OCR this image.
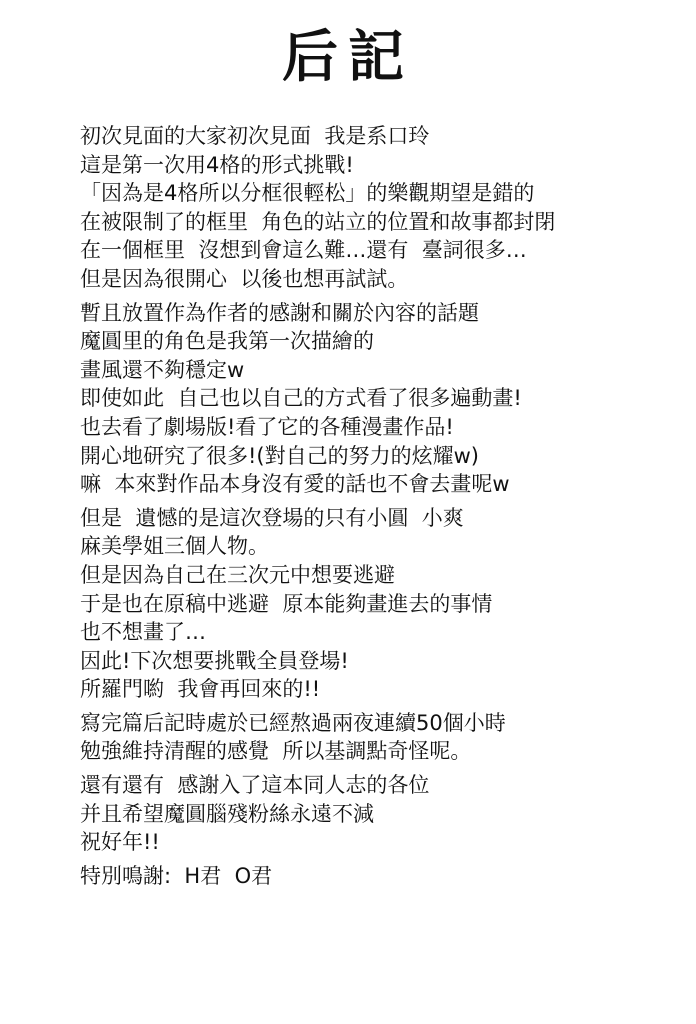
后記
初次見面的大家初次見面  我是系口玲
這是第一次用4格的形式挑戰!
「因為是4格所以分框很輕松」的樂觀期望是錯的
在被限制了的框里  角色的站立的位置和故事都封閉
在一個框里  沒想到會這么難…還有  臺詞很多…
但是因為很開心  以後也想再試試。
暫且放置作為作者的感謝和關於內容的話題
魔圓里的角色是我第一次描繪的
畫風還不夠穩定w
即使如此  自己也以自己的方式看了很多遍動畫!
也去看了劇場版!看了它的各種漫畫作品!
開心地研究了很多!(對自己的努力的炫耀w)
嘛  本來對作品本身沒有愛的話也不會去畫呢w
但是  遺憾的是這次登場的只有小圓  小爽
麻美學姐三個人物。
但是因為自己在三次元中想要逃避
于是也在原稿中逃避  原本能夠畫進去的事情
也不想畫了…
因此!下次想要挑戰全員登場!
所羅門喲  我會再回來的!!
寫完篇后記時處於已經熬過兩夜連續50個小時
勉強維持清醒的感覺  所以基調點奇怪呢。
還有還有  感謝入了這本同人志的各位
并且希望魔圓腦殘粉絲永遠不減
祝好年!!
特別鳴謝:  H君  O君
